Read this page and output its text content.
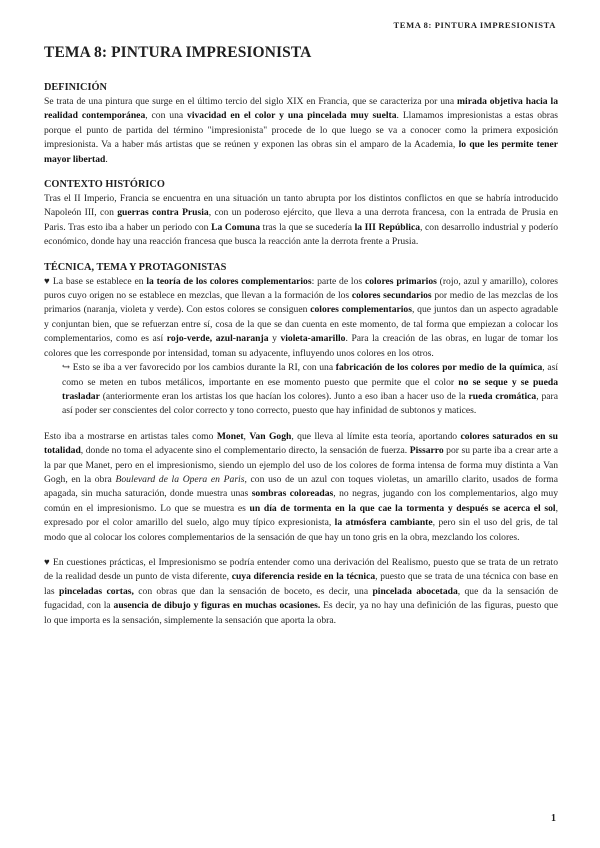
TEMA 8: PINTURA IMPRESIONISTA
TEMA 8: PINTURA IMPRESIONISTA
DEFINICIÓN

Se trata de una pintura que surge en el último tercio del siglo XIX en Francia, que se caracteriza por una mirada objetiva hacia la realidad contemporánea, con una vivacidad en el color y una pincelada muy suelta. Llamamos impresionistas a estas obras porque el punto de partida del término "impresionista" procede de lo que luego se va a conocer como la primera exposición impresionista. Va a haber más artistas que se reúnen y exponen las obras sin el amparo de la Academia, lo que les permite tener mayor libertad.

CONTEXTO HISTÓRICO

Tras el II Imperio, Francia se encuentra en una situación un tanto abrupta por los distintos conflictos en que se habría introducido Napoleón III, con guerras contra Prusia, con un poderoso ejército, que lleva a una derrota francesa, con la entrada de Prusia en Paris. Tras esto iba a haber un periodo con La Comuna tras la que se sucedería la III República, con desarrollo industrial y poderío económico, donde hay una reacción francesa que busca la reacción ante la derrota frente a Prusia.

TÉCNICA, TEMA Y PROTAGONISTAS

♥ La base se establece en la teoría de los colores complementarios: parte de los colores primarios (rojo, azul y amarillo), colores puros cuyo origen no se establece en mezclas, que llevan a la formación de los colores secundarios por medio de las mezclas de los primarios (naranja, violeta y verde). Con estos colores se consiguen colores complementarios, que juntos dan un aspecto agradable y conjuntan bien, que se refuerzan entre sí, cosa de la que se dan cuenta en este momento, de tal forma que empiezan a colocar los complementarios, como es así rojo-verde, azul-naranja y violeta-amarillo. Para la creación de las obras, en lugar de tomar los colores que les corresponde por intensidad, toman su adyacente, influyendo unos colores en los otros.

↪ Esto se iba a ver favorecido por los cambios durante la RI, con una fabricación de los colores por medio de la química, así como se meten en tubos metálicos, importante en ese momento puesto que permite que el color no se seque y se pueda trasladar (anteriormente eran los artistas los que hacían los colores). Junto a eso iban a hacer uso de la rueda cromática, para así poder ser conscientes del color correcto y tono correcto, puesto que hay infinidad de subtonos y matices.

Esto iba a mostrarse en artistas tales como Monet, Van Gogh, que lleva al límite esta teoría, aportando colores saturados en su totalidad, donde no toma el adyacente sino el complementario directo, la sensación de fuerza. Pissarro por su parte iba a crear arte a la par que Manet, pero en el impresionismo, siendo un ejemplo del uso de los colores de forma intensa de forma muy distinta a Van Gogh, en la obra Boulevard de la Opera en Paris, con uso de un azul con toques violetas, un amarillo clarito, usados de forma apagada, sin mucha saturación, donde muestra unas sombras coloreadas, no negras, jugando con los complementarios, algo muy común en el impresionismo. Lo que se muestra es un día de tormenta en la que cae la tormenta y después se acerca el sol, expresado por el color amarillo del suelo, algo muy típico expresionista, la atmósfera cambiante, pero sin el uso del gris, de tal modo que al colocar los colores complementarios de la sensación de que hay un tono gris en la obra, mezclando los colores.

♥ En cuestiones prácticas, el Impresionismo se podría entender como una derivación del Realismo, puesto que se trata de un retrato de la realidad desde un punto de vista diferente, cuya diferencia reside en la técnica, puesto que se trata de una técnica con base en las pinceladas cortas, con obras que dan la sensación de boceto, es decir, una pincelada abocetada, que da la sensación de fugacidad, con la ausencia de dibujo y figuras en muchas ocasiones. Es decir, ya no hay una definición de las figuras, puesto que lo que importa es la sensación, simplemente la sensación que aporta la obra.

1
